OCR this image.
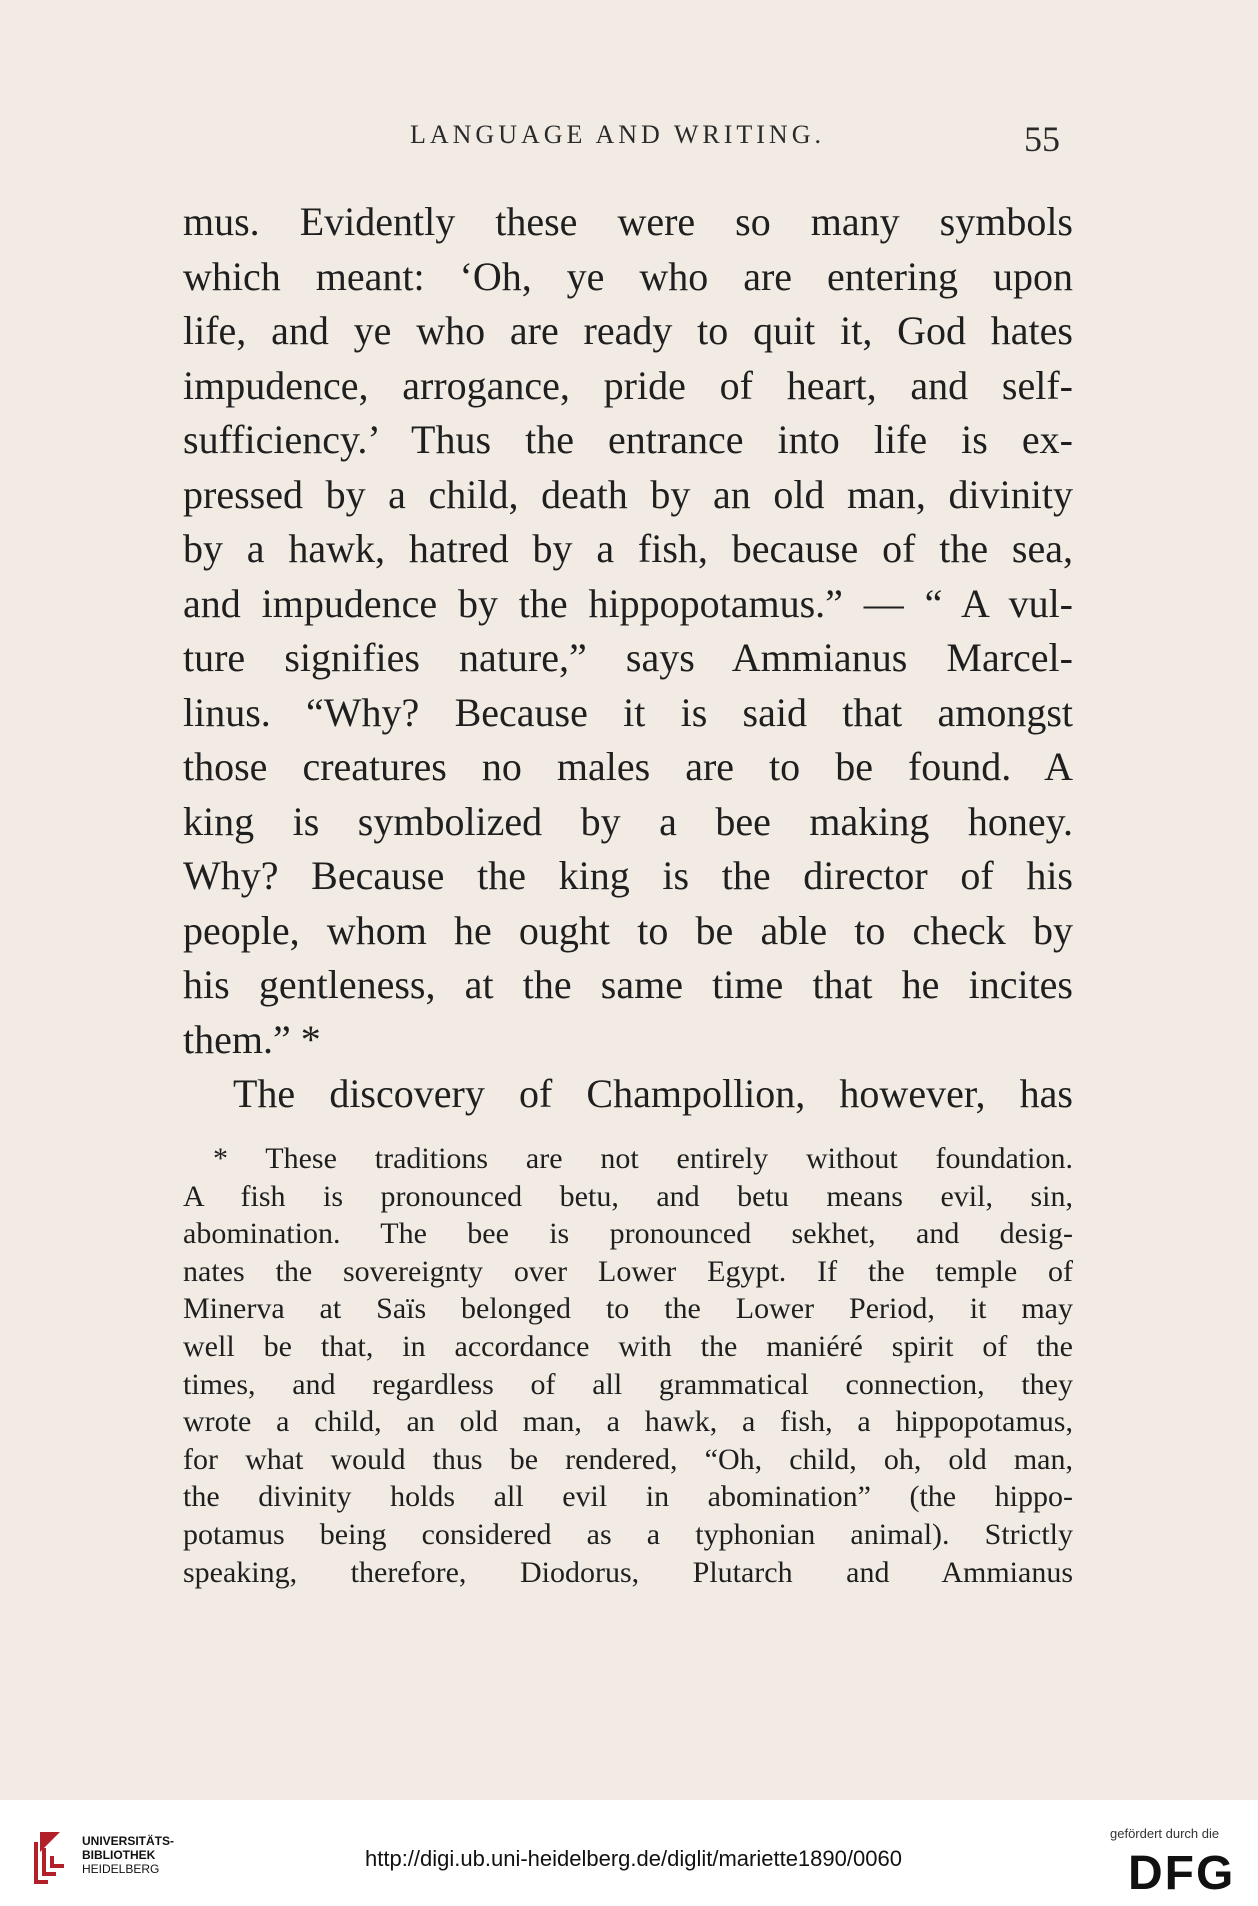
LANGUAGE AND WRITING.	55
mus. Evidently these were so many symbols
which meant: ‘Oh, ye who are entering upon
life, and ye who are ready to quit it, God hates
impudence, arrogance, pride of heart, and self-
sufficiency.’ Thus the entrance into life is ex-
pressed by a child, death by an old man, divinity
by a hawk, hatred by a fish, because of the sea,
and impudence by the hippopotamus.” — “ A vul-
ture signifies nature,” says Ammianus Marcel-
linus. “Why? Because it is said that amongst
those creatures no males are to be found. A
king is symbolized by a bee making honey.
Why? Because the king is the director of his
people, whom he ought to be able to check by
his gentleness, at the same time that he incites
them.” *
The discovery of Champollion, however, has
* These traditions are not entirely without foundation.
A fish is pronounced betu, and betu means evil, sin,
abomination. The bee is pronounced sekhet, and desig-
nates the sovereignty over Lower Egypt. If the temple of
Minerva at Saïs belonged to the Lower Period, it may
well be that, in accordance with the maniéré spirit of the
times, and regardless of all grammatical connection, they
wrote a child, an old man, a hawk, a fish, a hippopotamus,
for what would thus be rendered, “Oh, child, oh, old man,
the divinity holds all evil in abomination” (the hippo-
potamus being considered as a typhonian animal). Strictly
speaking, therefore, Diodorus, Plutarch and Ammianus
UNIVERSITÄTS-
BIBLIOTHEK
HEIDELBERG	http://digi.ub.uni-heidelberg.de/diglit/mariette1890/0060
gefördert durch die
DFG
